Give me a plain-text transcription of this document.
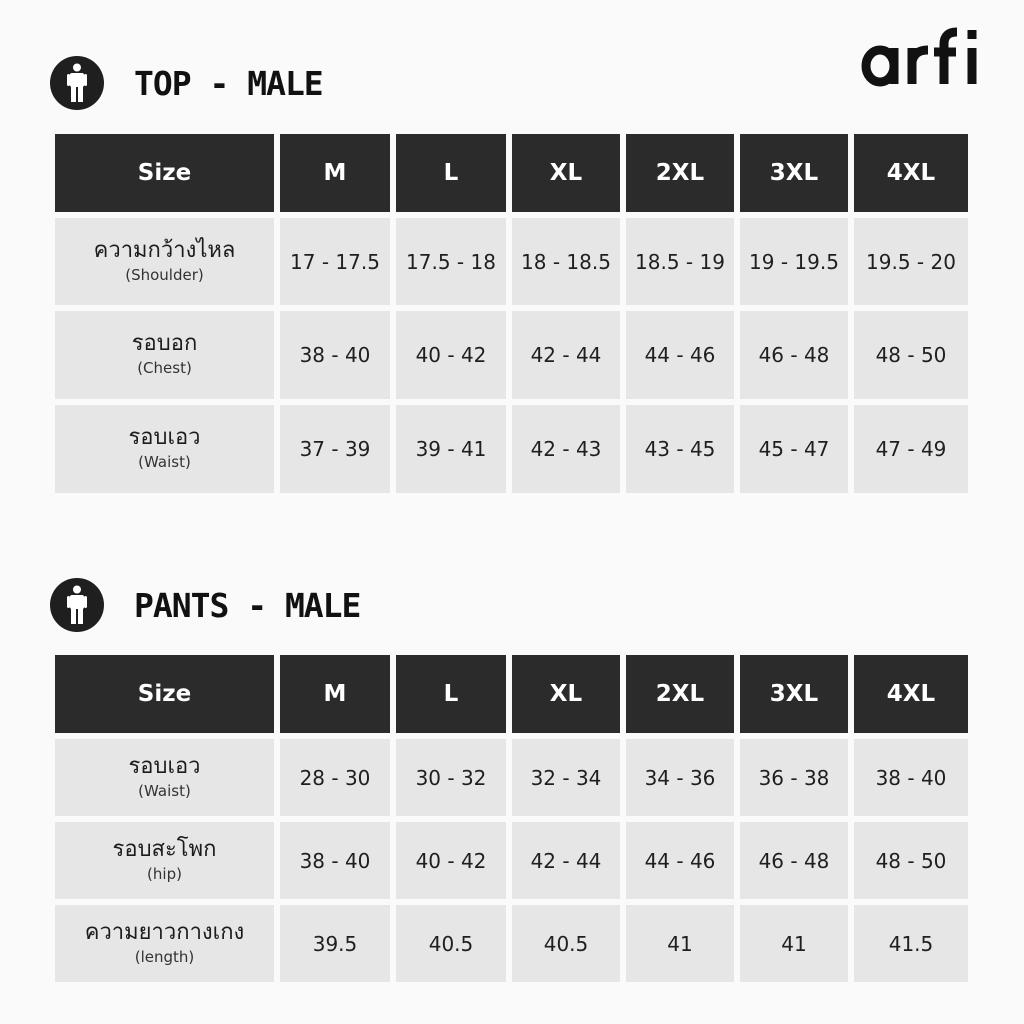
TOP - MALE
Size	M	L	XL	2XL	3XL	4XL

ความกว้างไหล
(Shoulder)	17 - 17.5	17.5 - 18	18 - 18.5	18.5 - 19	19 - 19.5	19.5 - 20

รอบอก
(Chest)	38 - 40	40 - 42	42 - 44	44 - 46	46 - 48	48 - 50

รอบเอว
(Waist)	37 - 39	39 - 41	42 - 43	43 - 45	45 - 47	47 - 49
PANTS - MALE
Size	M	L	XL	2XL	3XL	4XL

รอบเอว
(Waist)	28 - 30	30 - 32	32 - 34	34 - 36	36 - 38	38 - 40

รอบสะโพก
(hip)	38 - 40	40 - 42	42 - 44	44 - 46	46 - 48	48 - 50

ความยาวกางเกง
(length)	39.5	40.5	40.5	41	41	41.5
